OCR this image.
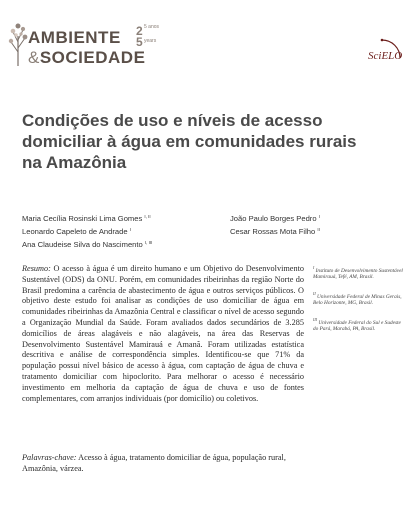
AMBIENTE
&SOCIEDADE
2 5 anos
5 years
SciELO
Condições de uso e níveis de acesso domiciliar à água em comunidades rurais na Amazônia
Maria Cecília Rosinski Lima Gomes $^{I, II}$
Leonardo Capeleto de Andrade $^I$
Ana Claudeise Silva do Nascimento $^{I, III}$
João Paulo Borges Pedro $^I$
Cesar Rossas Mota Filho $^{II}$

Resumo: O acesso à água é um direito humano e um Objetivo do Desenvolvimento Sustentável (ODS) da ONU. Porém, em comunidades ribeirinhas da região Norte do Brasil predomina a carência de abastecimento de água e outros serviços públicos. O objetivo deste estudo foi analisar as condições de uso domiciliar de água em comunidades ribeirinhas da Amazônia Central e classificar o nível de acesso segundo a Organização Mundial da Saúde. Foram avaliados dados secundários de 3.285 domicílios de áreas alagáveis e não alagáveis, na área das Reservas de Desenvolvimento Sustentável Mamirauá e Amanã. Foram utilizadas estatística descritiva e análise de correspondência simples. Identificou-se que 71% da população possui nível básico de acesso à água, com captação de água de chuva e tratamento domiciliar com hipoclorito. Para melhorar o acesso é necessário investimento em melhoria da captação de água de chuva e uso de fontes complementares, com arranjos individuais (por domicílio) ou coletivos.

Palavras-chave: Acesso à água, tratamento domiciliar de água, população rural, Amazônia, várzea.

$^I$ Instituto de Desenvolvimento Sustentável Mamirauá, Tefé, AM, Brasil.
$^{II}$ Universidade Federal de Minas Gerais, Belo Horizonte, MG, Brasil.
$^{III}$ Universidade Federal do Sul e Sudeste do Pará, Marabá, PA, Brasil.
